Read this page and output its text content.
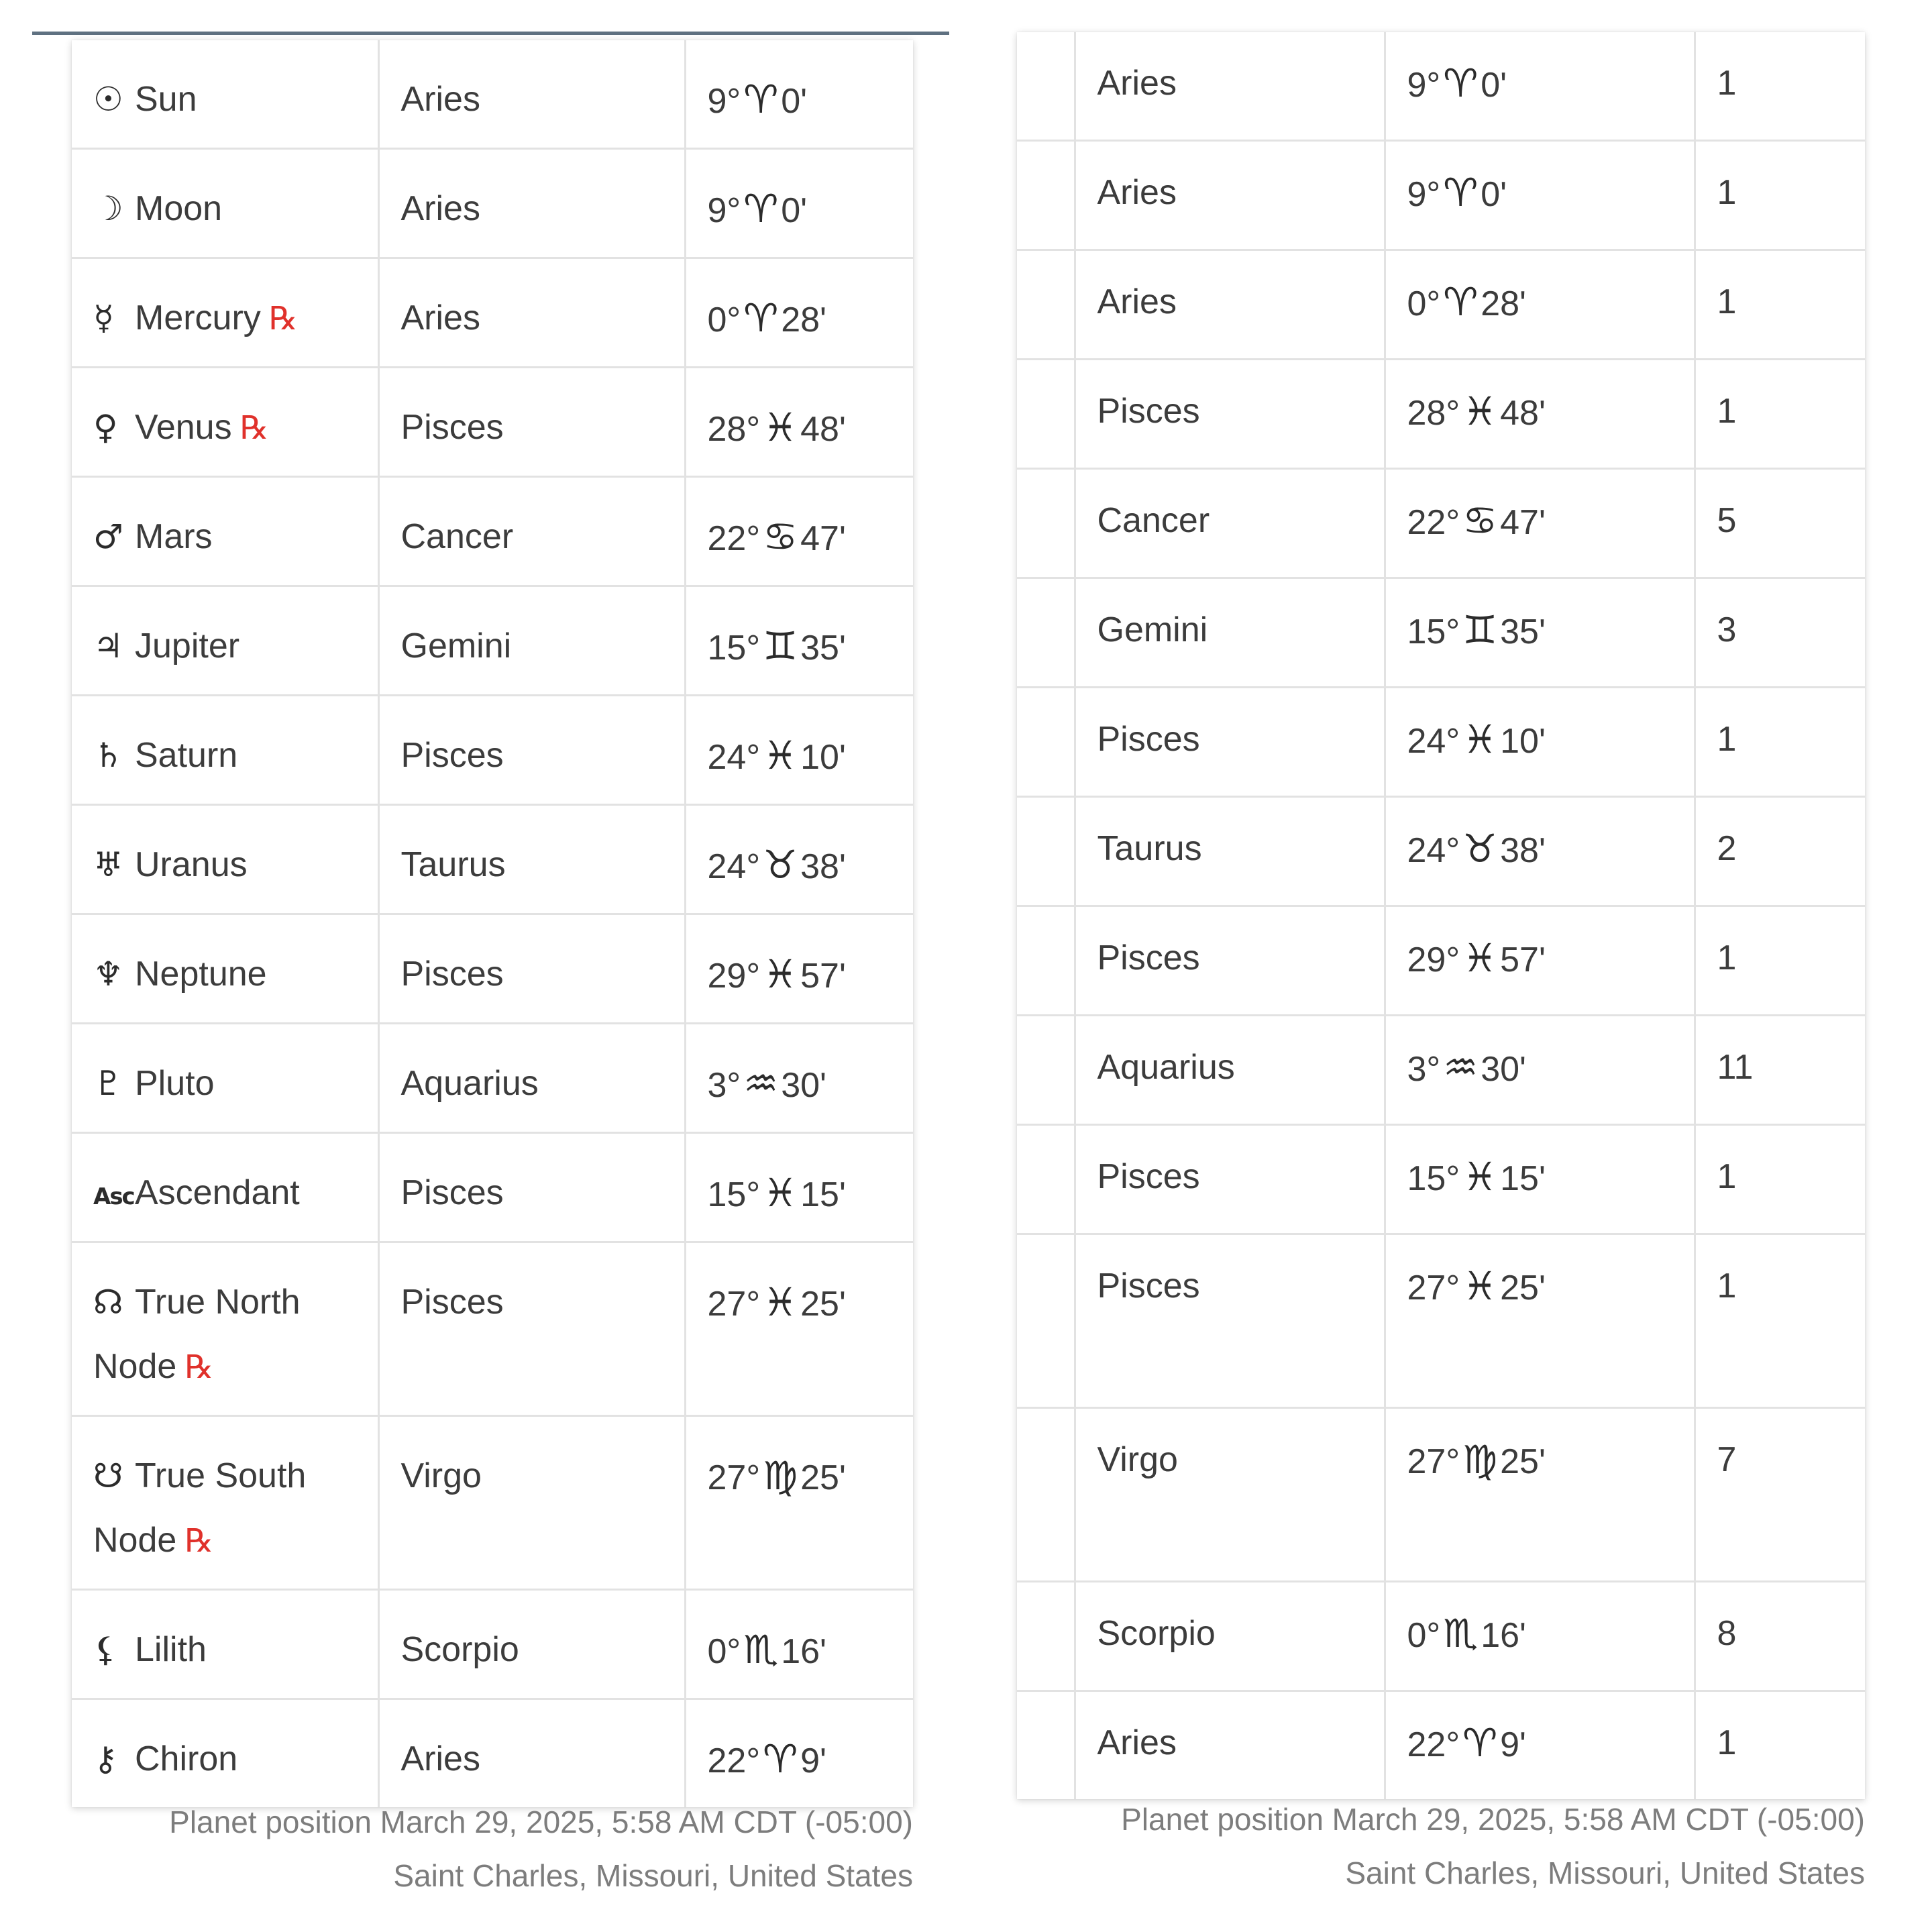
☉ Sun	Aries	9°♈0'
☽ Moon	Aries	9°♈0'
☿ Mercury ℞	Aries	0°♈28'
♀ Venus ℞	Pisces	28°♓48'
♂ Mars	Cancer	22°♋47'
♃ Jupiter	Gemini	15°♊35'
♄ Saturn	Pisces	24°♓10'
♅ Uranus	Taurus	24°♉38'
♆ Neptune	Pisces	29°♓57'
♇ Pluto	Aquarius	3°♒30'
AscAscendant	Pisces	15°♓15'
☊ True North Node ℞	Pisces	27°♓25'
☋ True South Node ℞	Virgo	27°♍25'
⚸ Lilith	Scorpio	0°♏16'
⚷ Chiron	Aries	22°♈9'
Planet position March 29, 2025, 5:58 AM CDT (-05:00)
Saint Charles, Missouri, United States
	Aries	9°♈0'	1
	Aries	9°♈0'	1
	Aries	0°♈28'	1
	Pisces	28°♓48'	1
	Cancer	22°♋47'	5
	Gemini	15°♊35'	3
	Pisces	24°♓10'	1
	Taurus	24°♉38'	2
	Pisces	29°♓57'	1
	Aquarius	3°♒30'	11
	Pisces	15°♓15'	1
	Pisces	27°♓25'	1
	Virgo	27°♍25'	7
	Scorpio	0°♏16'	8
	Aries	22°♈9'	1
Planet position March 29, 2025, 5:58 AM CDT (-05:00)
Saint Charles, Missouri, United States
